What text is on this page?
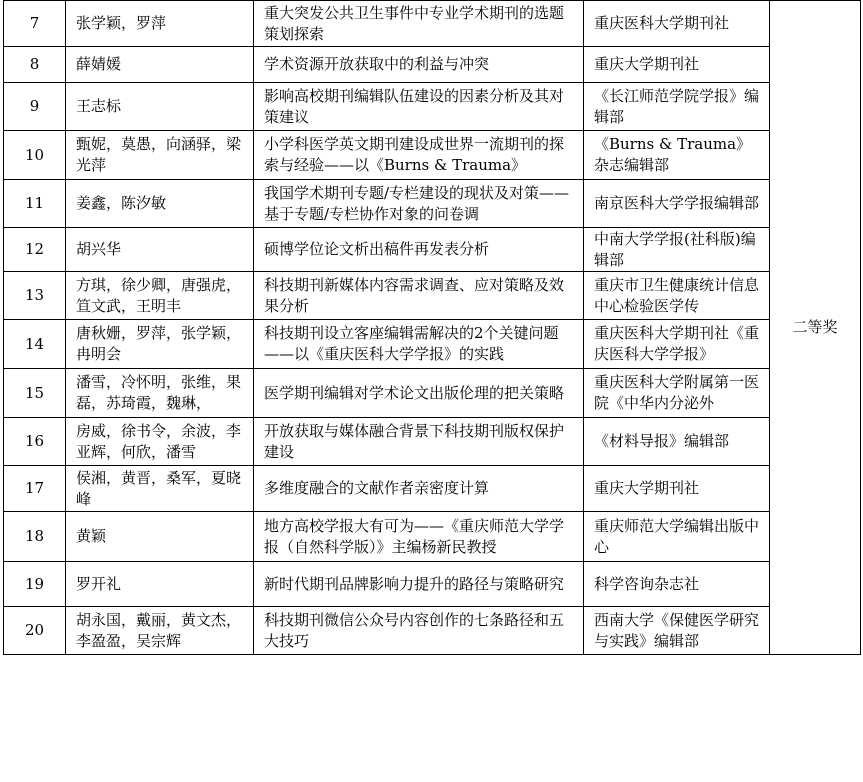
7	张学颖，罗萍	重大突发公共卫生事件中专业学术期刊的选题策划探索	重庆医科大学期刊社	二等奖

8	薛婧媛	学术资源开放获取中的利益与冲突	重庆大学期刊社	

9	王志标	影响高校期刊编辑队伍建设的因素分析及其对策建议	《长江师范学院学报》编辑部	

10	甄妮，莫愚，向涵驿，梁光萍	小学科医学英文期刊建设成世界一流期刊的探索与经验——以《Burns & Trauma》	《Burns & Trauma》杂志编辑部	

11	姜鑫，陈汐敏	我国学术期刊专题/专栏建设的现状及对策——基于专题/专栏协作对象的问卷调	南京医科大学学报编辑部	

12	胡兴华	硕博学位论文析出稿件再发表分析	中南大学学报(社科版)编辑部	

13	方琪，徐少卿，唐强虎，笪文武，王明丰	科技期刊新媒体内容需求调查、应对策略及效果分析	重庆市卫生健康统计信息中心检验医学传	

14	唐秋姗，罗萍，张学颖，冉明会	科技期刊设立客座编辑需解决的2个关键问题——以《重庆医科大学学报》的实践	重庆医科大学期刊社《重庆医科大学学报》	

15	潘雪，冷怀明，张维，果磊，苏琦霞，魏琳，	医学期刊编辑对学术论文出版伦理的把关策略	重庆医科大学附属第一医院《中华内分泌外	

16	房威，徐书令，余波，李亚辉，何欣，潘雪	开放获取与媒体融合背景下科技期刊版权保护建设	《材料导报》编辑部	

17	侯湘，黄晋，桑军，夏晓峰	多维度融合的文献作者亲密度计算	重庆大学期刊社	

18	黄颖	地方高校学报大有可为——《重庆师范大学学报（自然科学版）》主编杨新民教授	重庆师范大学编辑出版中心	

19	罗开礼	新时代期刊品牌影响力提升的路径与策略研究	科学咨询杂志社	

20	胡永国，戴丽，黄文杰，李盈盈，吴宗辉	科技期刊微信公众号内容创作的七条路径和五大技巧	西南大学《保健医学研究与实践》编辑部	
